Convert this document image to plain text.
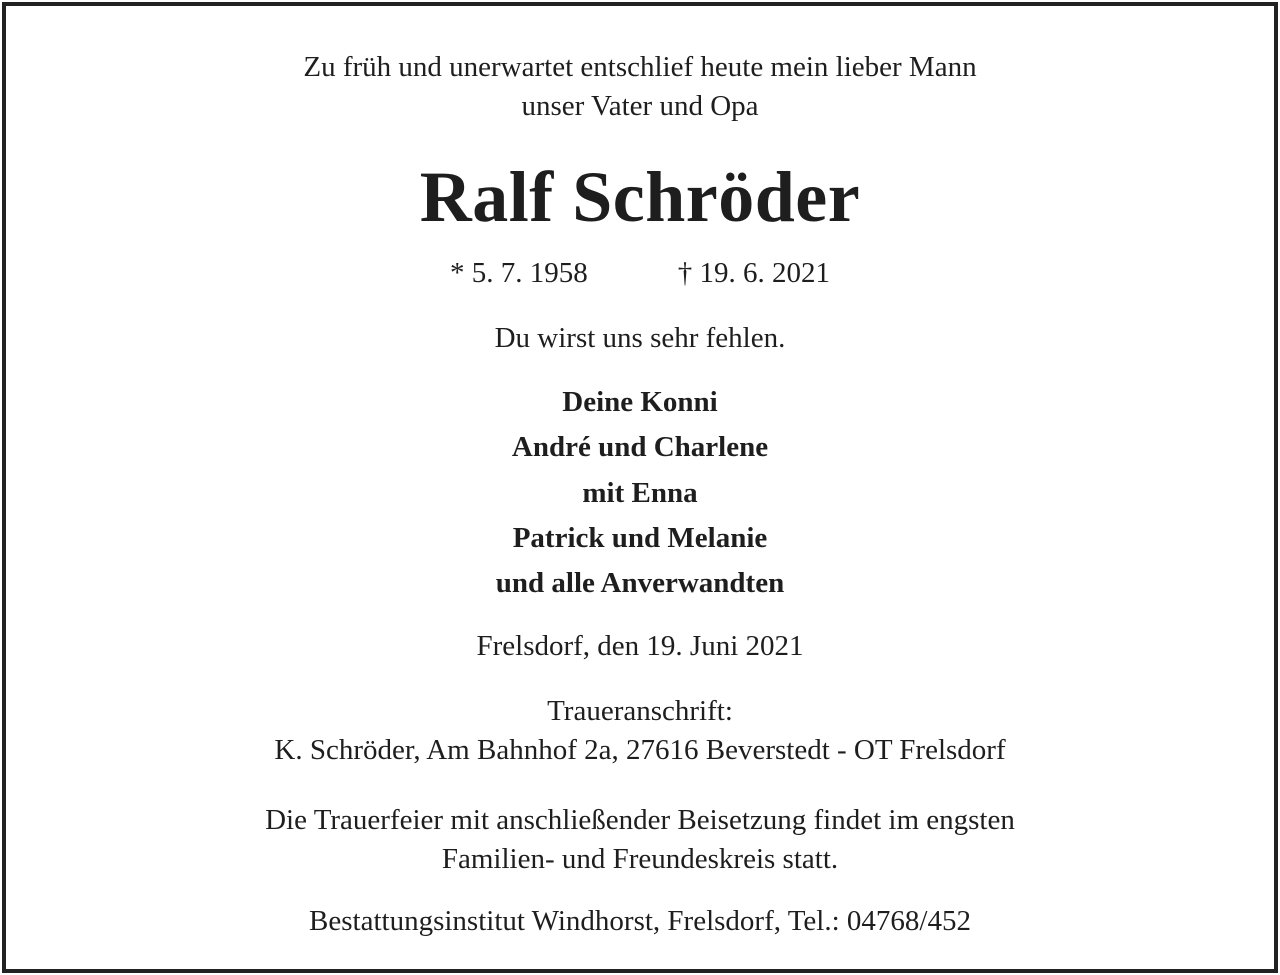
Zu früh und unerwartet entschlief heute mein lieber Mann
unser Vater und Opa
Ralf Schröder
* 5. 7. 1958	† 19. 6. 2021
Du wirst uns sehr fehlen.
Deine Konni
André und Charlene
mit Enna
Patrick und Melanie
und alle Anverwandten
Frelsdorf, den 19. Juni 2021
Traueranschrift:
K. Schröder, Am Bahnhof 2a, 27616 Beverstedt - OT Frelsdorf
Die Trauerfeier mit anschließender Beisetzung findet im engsten
Familien- und Freundeskreis statt.
Bestattungsinstitut Windhorst, Frelsdorf, Tel.: 04768/452
